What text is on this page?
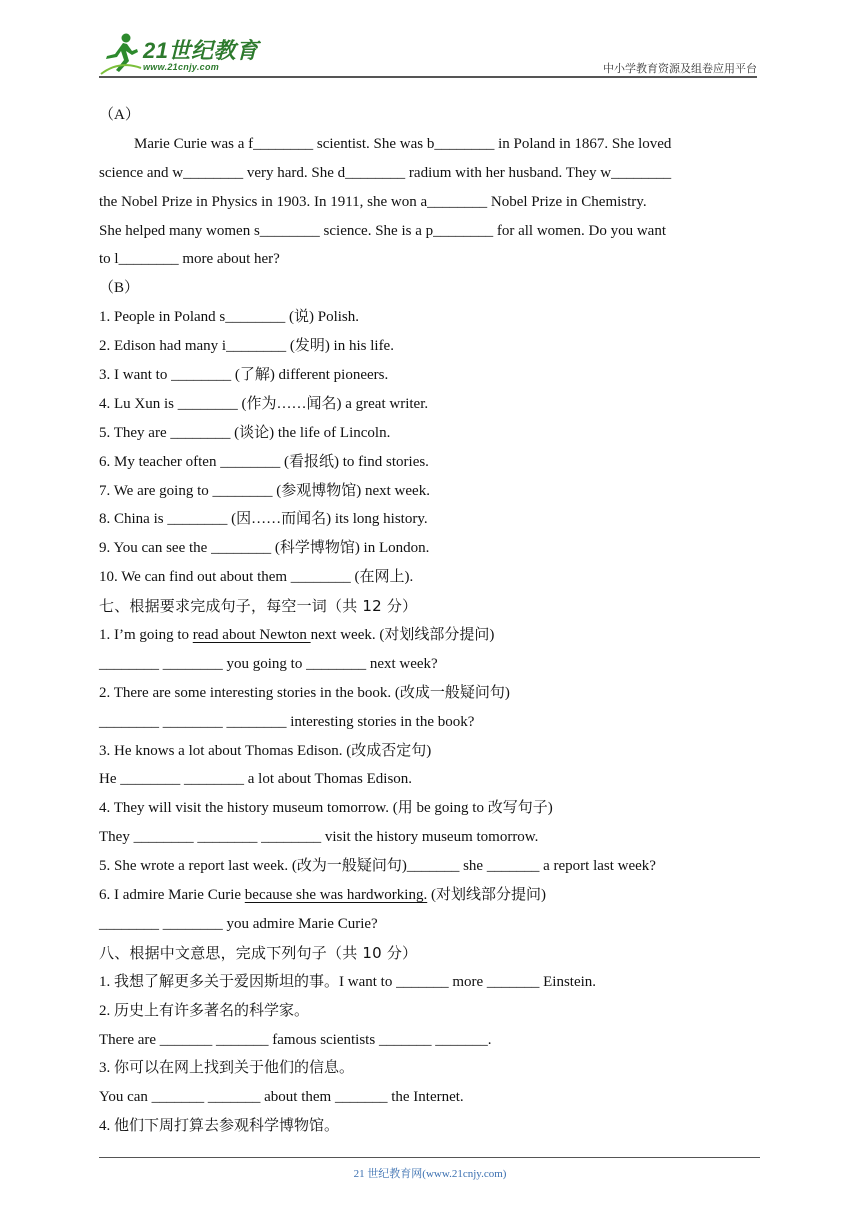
21世纪教育
www.21cnjy.com	中小学教育资源及组卷应用平台
（A）
Marie Curie was a f________ scientist. She was b________ in Poland in 1867. She loved
science and w________ very hard. She d________ radium with her husband. They w________
the Nobel Prize in Physics in 1903. In 1911, she won a________ Nobel Prize in Chemistry.
She helped many women s________ science. She is a p________ for all women. Do you want
to l________ more about her?
（B）
1. People in Poland s________ (说) Polish.
2. Edison had many i________ (发明) in his life.
3. I want to ________ (了解) different pioneers.
4. Lu Xun is ________ (作为……闻名) a great writer.
5. They are ________ (谈论) the life of Lincoln.
6. My teacher often ________ (看报纸) to find stories.
7. We are going to ________ (参观博物馆) next week.
8. China is ________ (因……而闻名) its long history.
9. You can see the ________ (科学博物馆) in London.
10. We can find out about them ________ (在网上).
七、根据要求完成句子，每空一词（共 12 分）
1. I’m going to read about Newton next week. (对划线部分提问)
________ ________ you going to ________ next week?
2. There are some interesting stories in the book. (改成一般疑问句)
________ ________ ________ interesting stories in the book?
3. He knows a lot about Thomas Edison. (改成否定句)
He ________ ________ a lot about Thomas Edison.
4. They will visit the history museum tomorrow. (用 be going to 改写句子)
They ________ ________ ________ visit the history museum tomorrow.
5. She wrote a report last week. (改为一般疑问句)_______ she _______ a report last week?
6. I admire Marie Curie because she was hardworking. (对划线部分提问)
________ ________ you admire Marie Curie?
八、根据中文意思，完成下列句子（共 10 分）
1. 我想了解更多关于爱因斯坦的事。I want to _______ more _______ Einstein.
2. 历史上有许多著名的科学家。
There are _______ _______ famous scientists _______ _______.
3. 你可以在网上找到关于他们的信息。
You can _______ _______ about them _______ the Internet.
4. 他们下周打算去参观科学博物馆。
21 世纪教育网(www.21cnjy.com)
